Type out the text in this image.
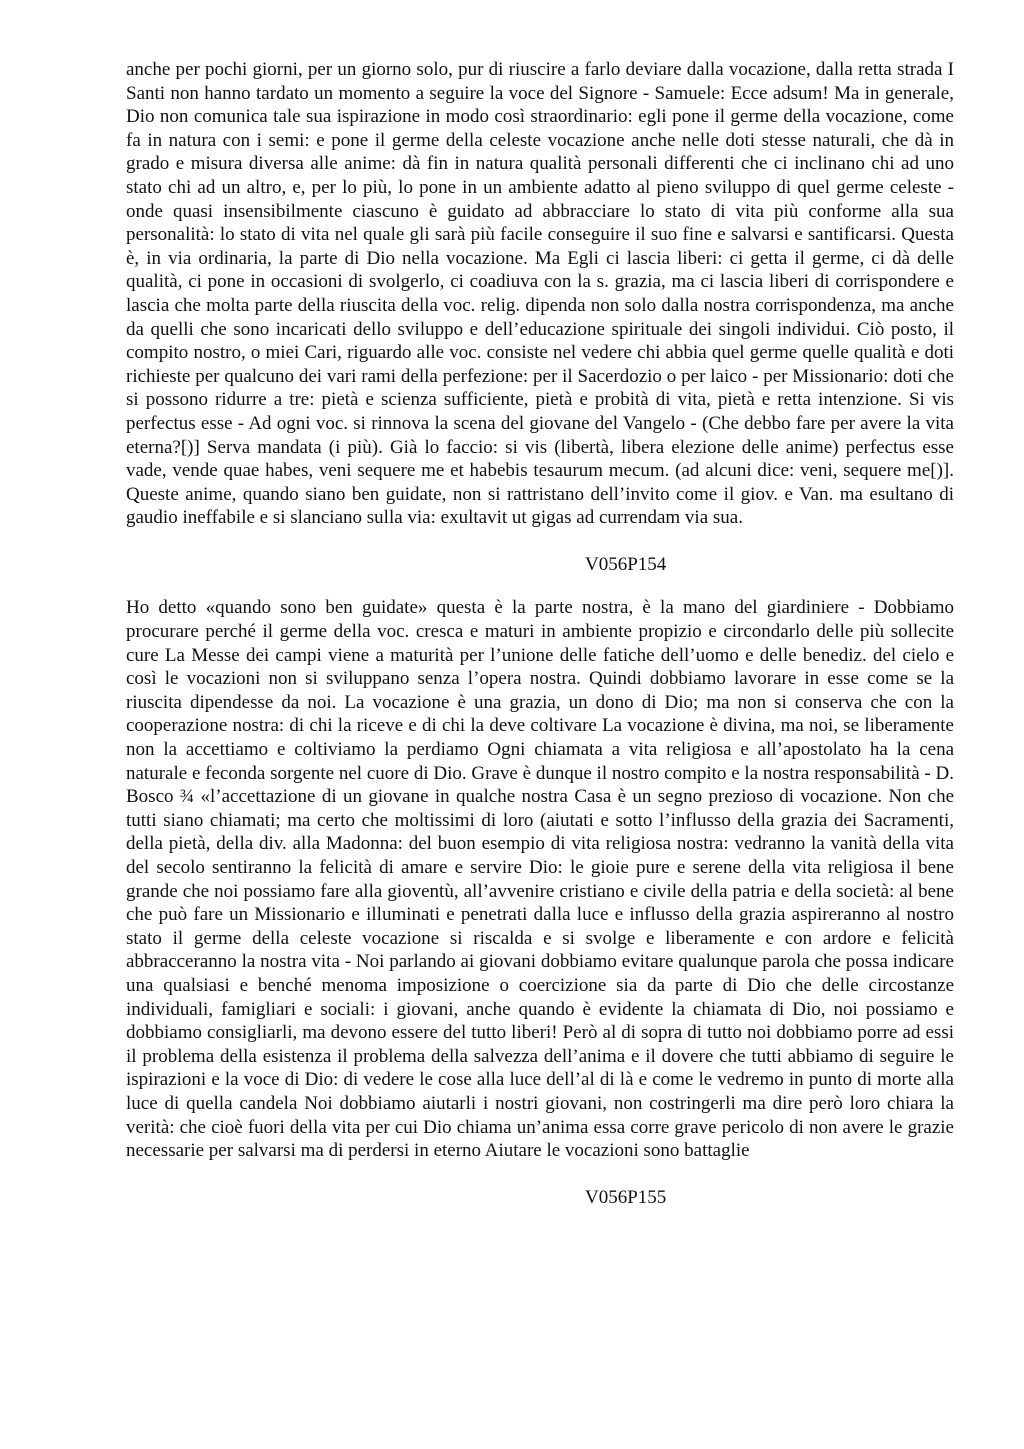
anche per pochi giorni, per un giorno solo, pur di riuscire a farlo deviare dalla vocazione, dalla retta strada I Santi non hanno tardato un momento a seguire la voce del Signore - Samuele: Ecce adsum! Ma in generale, Dio non comunica tale sua ispirazione in modo così straordinario: egli pone il germe della vocazione, come fa in natura con i semi: e pone il germe della celeste vocazione anche nelle doti stesse naturali, che dà in grado e misura diversa alle anime: dà fin in natura qualità personali differenti che ci inclinano chi ad uno stato chi ad un altro, e, per lo più, lo pone in un ambiente adatto al pieno sviluppo di quel germe celeste - onde quasi insensibilmente ciascuno è guidato ad abbracciare lo stato di vita più conforme alla sua personalità: lo stato di vita nel quale gli sarà più facile conseguire il suo fine e salvarsi e santificarsi. Questa è, in via ordinaria, la parte di Dio nella vocazione. Ma Egli ci lascia liberi: ci getta il germe, ci dà delle qualità, ci pone in occasioni di svolgerlo, ci coadiuva con la s. grazia, ma ci lascia liberi di corrispondere e lascia che molta parte della riuscita della voc. relig. dipenda non solo dalla nostra corrispondenza, ma anche da quelli che sono incaricati dello sviluppo e dell’educazione spirituale dei singoli individui. Ciò posto, il compito nostro, o miei Cari, riguardo alle voc. consiste nel vedere chi abbia quel germe quelle qualità e doti richieste per qualcuno dei vari rami della perfezione: per il Sacerdozio o per laico - per Missionario: doti che si possono ridurre a tre: pietà e scienza sufficiente, pietà e probità di vita, pietà e retta intenzione. Si vis perfectus esse - Ad ogni voc. si rinnova la scena del giovane del Vangelo - (Che debbo fare per avere la vita eterna?[)] Serva mandata (i più). Già lo faccio: si vis (libertà, libera elezione delle anime) perfectus esse vade, vende quae habes, veni sequere me et habebis tesaurum mecum. (ad alcuni dice: veni, sequere me[)]. Queste anime, quando siano ben guidate, non si rattristano dell’invito come il giov. e Van. ma esultano di gaudio ineffabile e si slanciano sulla via: exultavit ut gigas ad currendam via sua.

V056P154

Ho detto «quando sono ben guidate» questa è la parte nostra, è la mano del giardiniere - Dobbiamo procurare perché il germe della voc. cresca e maturi in ambiente propizio e circondarlo delle più sollecite cure La Messe dei campi viene a maturità per l’unione delle fatiche dell’uomo e delle benediz. del cielo e così le vocazioni non si sviluppano senza l’opera nostra. Quindi dobbiamo lavorare in esse come se la riuscita dipendesse da noi. La vocazione è una grazia, un dono di Dio; ma non si conserva che con la cooperazione nostra: di chi la riceve e di chi la deve coltivare La vocazione è divina, ma noi, se liberamente non la accettiamo e coltiviamo la perdiamo Ogni chiamata a vita religiosa e all’apostolato ha la cena naturale e feconda sorgente nel cuore di Dio. Grave è dunque il nostro compito e la nostra responsabilità - D. Bosco ¾ «l’accettazione di un giovane in qualche nostra Casa è un segno prezioso di vocazione. Non che tutti siano chiamati; ma certo che moltissimi di loro (aiutati e sotto l’influsso della grazia dei Sacramenti, della pietà, della div. alla Madonna: del buon esempio di vita religiosa nostra: vedranno la vanità della vita del secolo sentiranno la felicità di amare e servire Dio: le gioie pure e serene della vita religiosa il bene grande che noi possiamo fare alla gioventù, all’avvenire cristiano e civile della patria e della società: al bene che può fare un Missionario e illuminati e penetrati dalla luce e influsso della grazia aspireranno al nostro stato il germe della celeste vocazione si riscalda e si svolge e liberamente e con ardore e felicità abbracceranno la nostra vita - Noi parlando ai giovani dobbiamo evitare qualunque parola che possa indicare una qualsiasi e benché menoma imposizione o coercizione sia da parte di Dio che delle circostanze individuali, famigliari e sociali: i giovani, anche quando è evidente la chiamata di Dio, noi possiamo e dobbiamo consigliarli, ma devono essere del tutto liberi! Però al di sopra di tutto noi dobbiamo porre ad essi il problema della esistenza il problema della salvezza dell’anima e il dovere che tutti abbiamo di seguire le ispirazioni e la voce di Dio: di vedere le cose alla luce dell’al di là e come le vedremo in punto di morte alla luce di quella candela Noi dobbiamo aiutarli i nostri giovani, non costringerli ma dire però loro chiara la verità: che cioè fuori della vita per cui Dio chiama un’anima essa corre grave pericolo di non avere le grazie necessarie per salvarsi ma di perdersi in eterno Aiutare le vocazioni sono battaglie

V056P155
